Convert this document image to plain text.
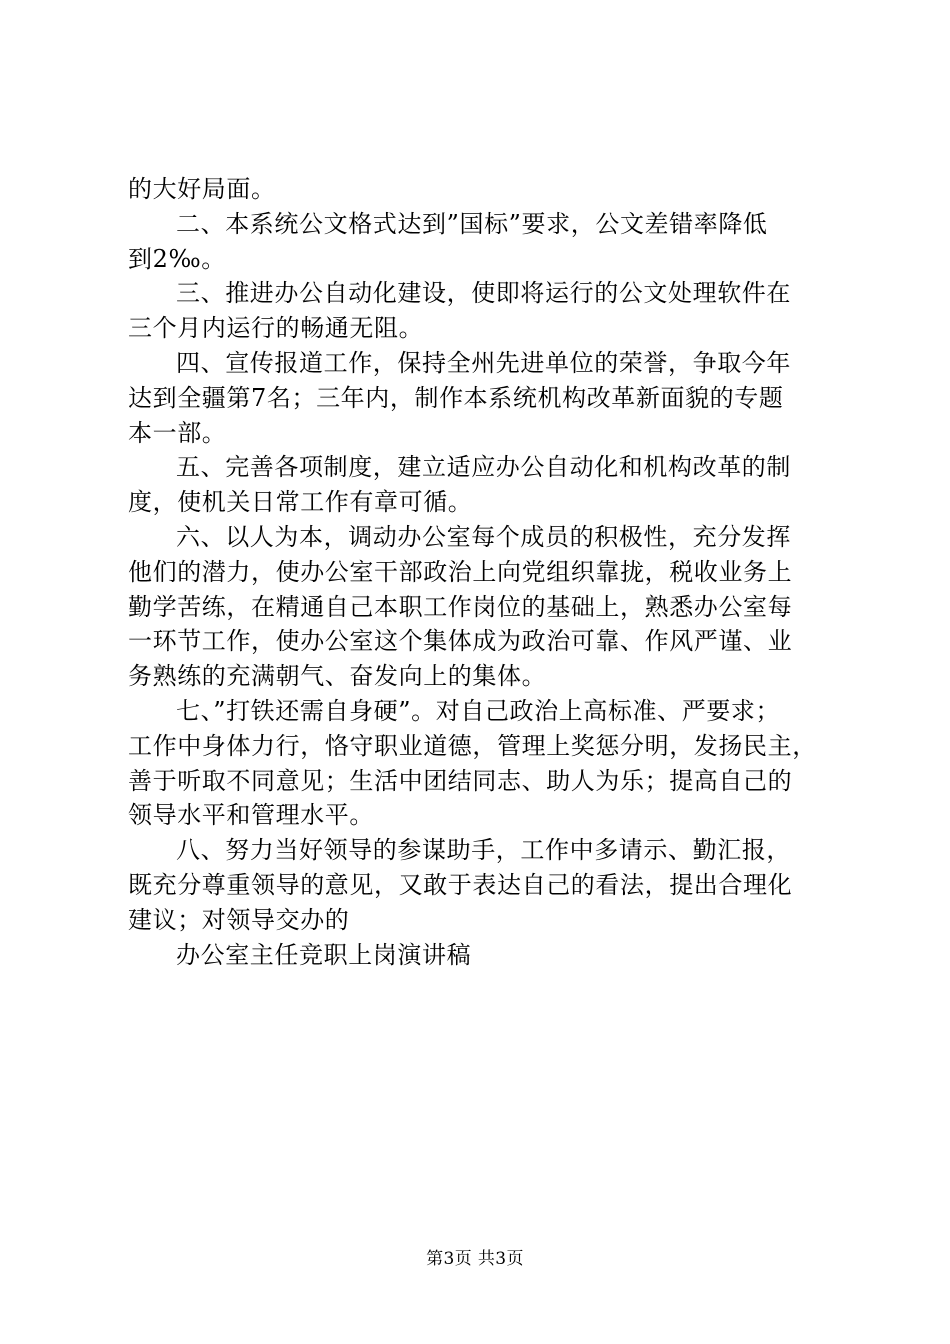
的大好局面。

二、本系统公文格式达到”国标”要求，公文差错率降低
到2‰。

三、推进办公自动化建设，使即将运行的公文处理软件在
三个月内运行的畅通无阻。

四、宣传报道工作，保持全州先进单位的荣誉，争取今年
达到全疆第7名；三年内，制作本系统机构改革新面貌的专题
本一部。

五、完善各项制度，建立适应办公自动化和机构改革的制
度，使机关日常工作有章可循。

六、以人为本，调动办公室每个成员的积极性，充分发挥
他们的潜力，使办公室干部政治上向党组织靠拢，税收业务上
勤学苦练，在精通自己本职工作岗位的基础上，熟悉办公室每
一环节工作，使办公室这个集体成为政治可靠、作风严谨、业
务熟练的充满朝气、奋发向上的集体。

七、”打铁还需自身硬”。对自己政治上高标准、严要求；
工作中身体力行，恪守职业道德，管理上奖惩分明，发扬民主，
善于听取不同意见；生活中团结同志、助人为乐；提高自己的
领导水平和管理水平。

八、努力当好领导的参谋助手，工作中多请示、勤汇报，
既充分尊重领导的意见，又敢于表达自己的看法，提出合理化
建议；对领导交办的

办公室主任竞职上岗演讲稿

第3页 共3页
